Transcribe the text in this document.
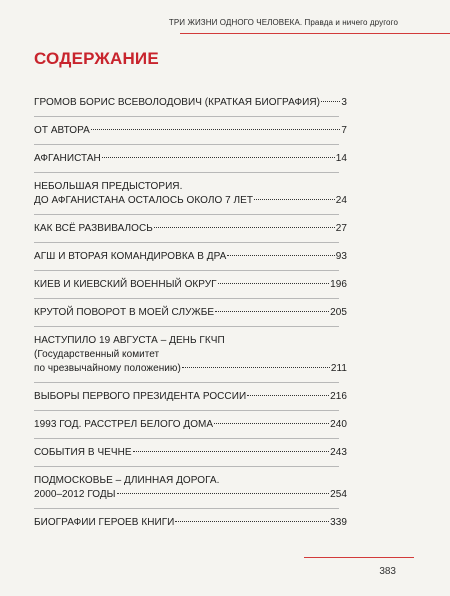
ТРИ ЖИЗНИ ОДНОГО ЧЕЛОВЕКА. Правда и ничего другого
СОДЕРЖАНИЕ
ГРОМОВ БОРИС ВСЕВОЛОДОВИЧ (КРАТКАЯ БИОГРАФИЯ) 3
ОТ АВТОРА	7
АФГАНИСТАН	14
НЕБОЛЬШАЯ ПРЕДЫСТОРИЯ.
ДО АФГАНИСТАНА ОСТАЛОСЬ ОКОЛО 7 ЛЕТ	24
КАК ВСЁ РАЗВИВАЛОСЬ	27
АГШ И ВТОРАЯ КОМАНДИРОВКА В ДРА	93
КИЕВ И КИЕВСКИЙ ВОЕННЫЙ ОКРУГ	196
КРУТОЙ ПОВОРОТ В МОЕЙ СЛУЖБЕ	205
НАСТУПИЛО 19 АВГУСТА – ДЕНЬ ГКЧП
(Государственный комитет
по чрезвычайному положению)	211
ВЫБОРЫ ПЕРВОГО ПРЕЗИДЕНТА РОССИИ	216
1993 ГОД. РАССТРЕЛ БЕЛОГО ДОМА	240
СОБЫТИЯ В ЧЕЧНЕ	243
ПОДМОСКОВЬЕ – ДЛИННАЯ ДОРОГА.
2000–2012 ГОДЫ	254
БИОГРАФИИ ГЕРОЕВ КНИГИ	339
383
